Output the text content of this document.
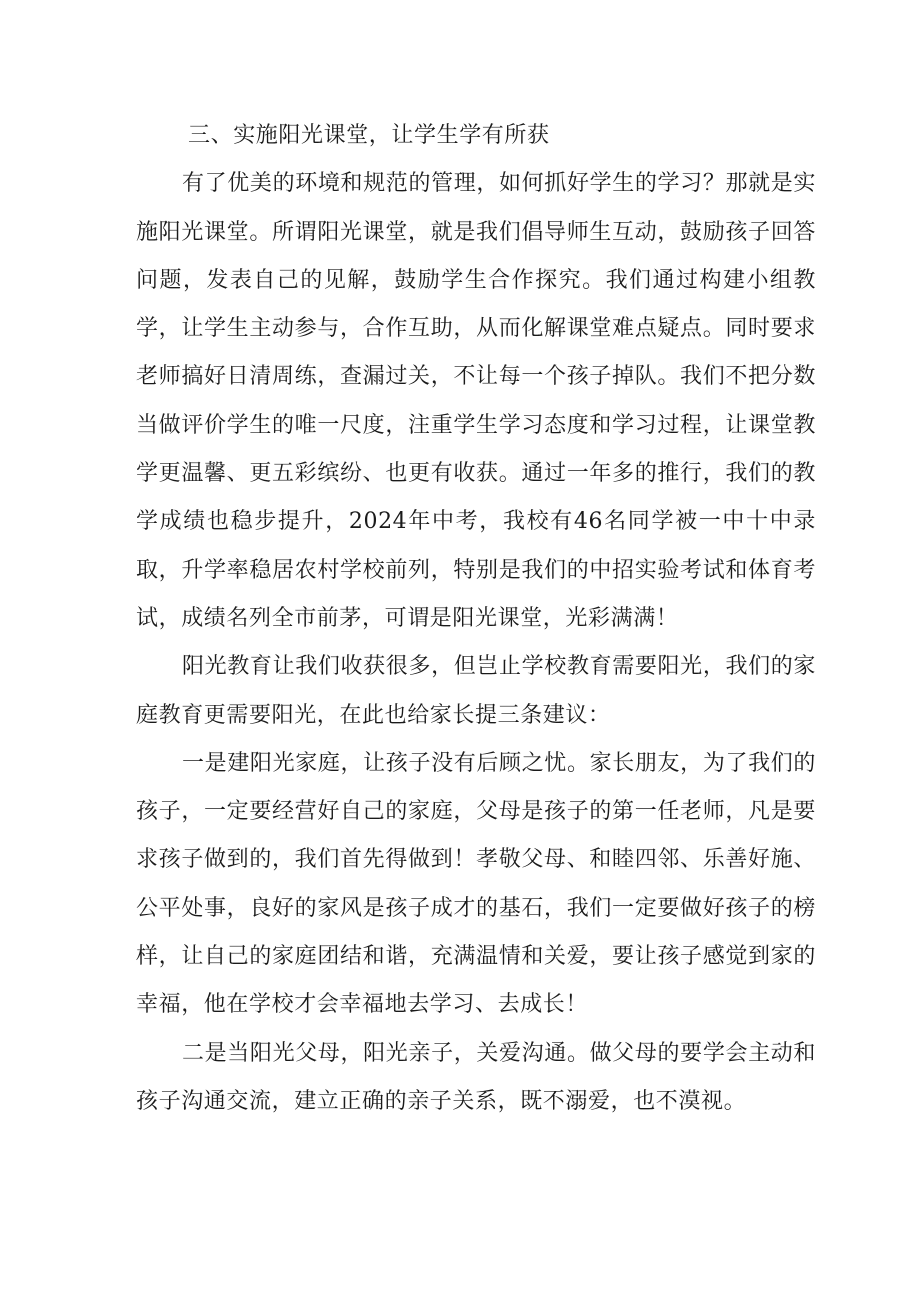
三、实施阳光课堂，让学生学有所获

有了优美的环境和规范的管理，如何抓好学生的学习？那就是实施阳光课堂。所谓阳光课堂，就是我们倡导师生互动，鼓励孩子回答问题，发表自己的见解，鼓励学生合作探究。我们通过构建小组教学，让学生主动参与，合作互助，从而化解课堂难点疑点。同时要求老师搞好日清周练，查漏过关，不让每一个孩子掉队。我们不把分数当做评价学生的唯一尺度，注重学生学习态度和学习过程，让课堂教学更温馨、更五彩缤纷、也更有收获。通过一年多的推行，我们的教学成绩也稳步提升，2024年中考，我校有46名同学被一中十中录取，升学率稳居农村学校前列，特别是我们的中招实验考试和体育考试，成绩名列全市前茅，可谓是阳光课堂，光彩满满！

阳光教育让我们收获很多，但岂止学校教育需要阳光，我们的家庭教育更需要阳光，在此也给家长提三条建议：

一是建阳光家庭，让孩子没有后顾之忧。家长朋友，为了我们的孩子，一定要经营好自己的家庭，父母是孩子的第一任老师，凡是要求孩子做到的，我们首先得做到！孝敬父母、和睦四邻、乐善好施、公平处事，良好的家风是孩子成才的基石，我们一定要做好孩子的榜样，让自己的家庭团结和谐，充满温情和关爱，要让孩子感觉到家的幸福，他在学校才会幸福地去学习、去成长！

二是当阳光父母，阳光亲子，关爱沟通。做父母的要学会主动和孩子沟通交流，建立正确的亲子关系，既不溺爱，也不漠视。
